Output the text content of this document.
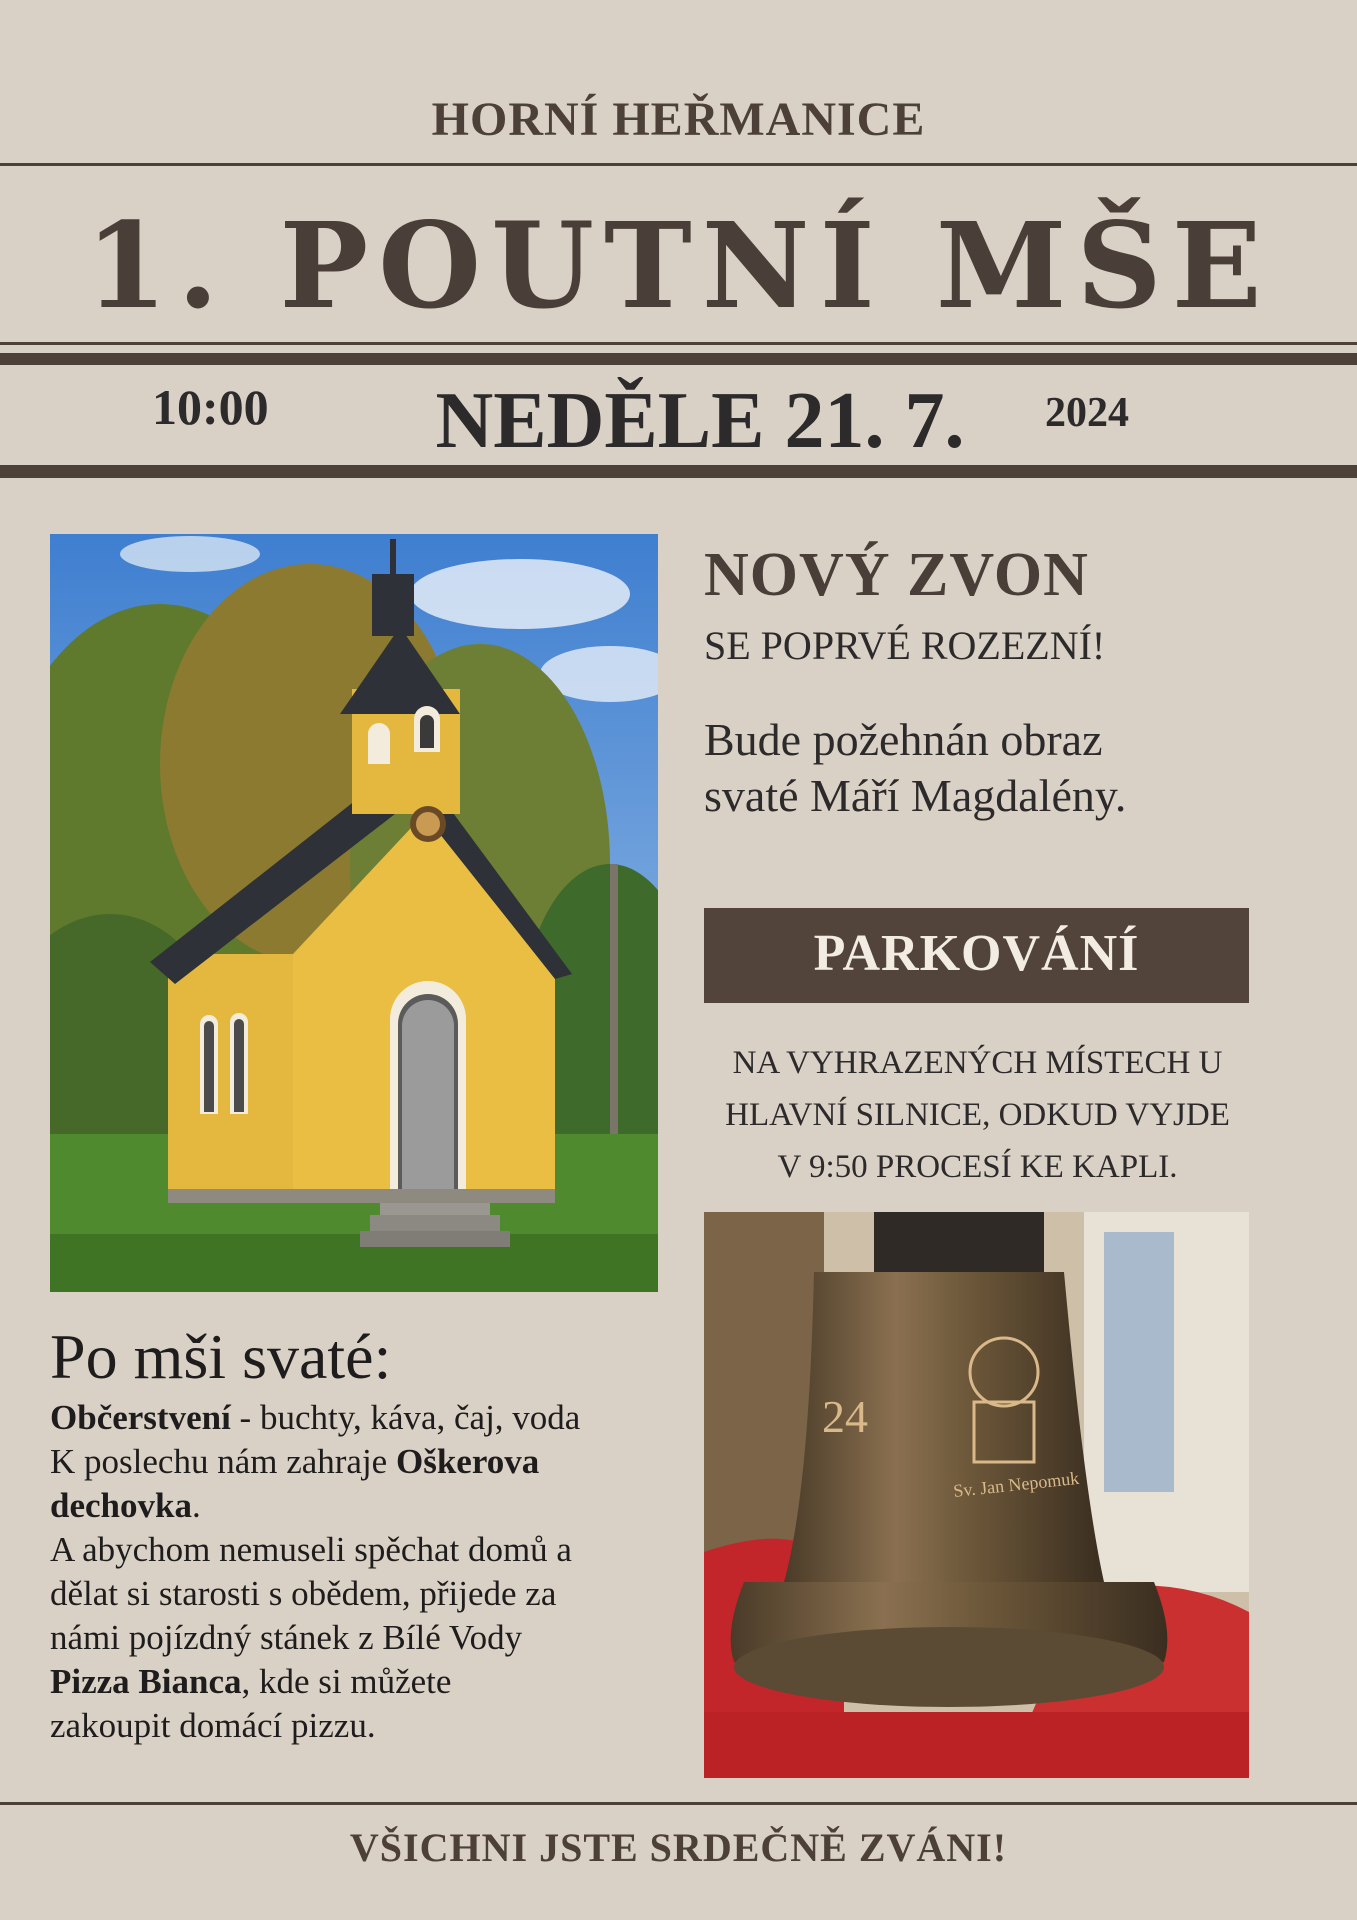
HORNÍ HEŘMANICE
1. POUTNÍ MŠE
10:00	NEDĚLE 21. 7.	2024
NOVÝ ZVON
SE POPRVÉ ROZEZNÍ!
Bude požehnán obraz
svaté Máří Magdalény.
PARKOVÁNÍ
NA VYHRAZENÝCH MÍSTECH U
HLAVNÍ SILNICE, ODKUD VYJDE
V 9:50 PROCESÍ KE KAPLI.
24
Sv. Jan Nepomuk
Po mši svaté:
Občerstvení - buchty, káva, čaj, voda
K poslechu nám zahraje Oškerova
dechovka.
A abychom nemuseli spěchat domů a
dělat si starosti s obědem, přijede za
námi pojízdný stánek z Bílé Vody
Pizza Bianca, kde si můžete
zakoupit domácí pizzu.
VŠICHNI JSTE SRDEČNĚ ZVÁNI!
